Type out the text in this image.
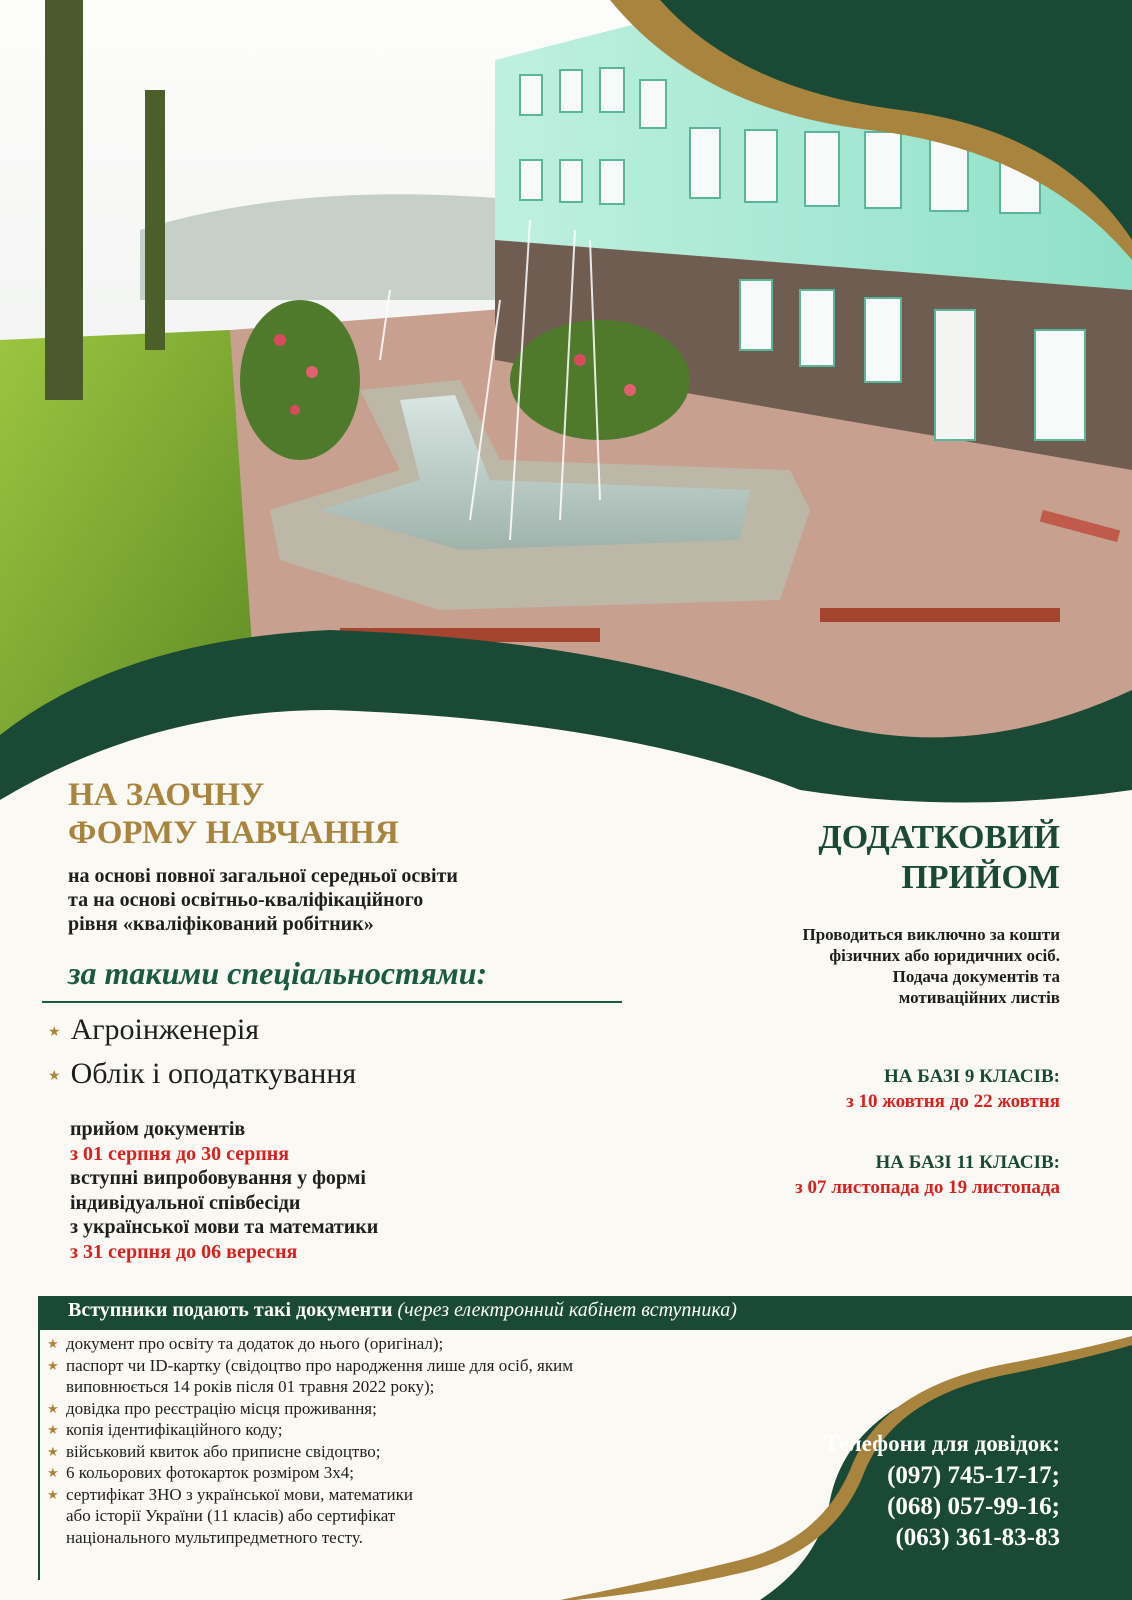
НА ЗАОЧНУ
ФОРМУ НАВЧАННЯ
на основі повної загальної середньої освіти
та на основі освітньо-кваліфікаційного
рівня «кваліфікований робітник»
за такими спеціальностями:
★ Агроінженерія
★ Облік і оподаткування
прийом документів
з 01 серпня до 30 серпня
вступні випробовування у формі
індивідуальної співбесіди
з української мови та математики
з 31 серпня до 06 вересня
ДОДАТКОВИЙ
ПРИЙОМ
Проводиться виключно за кошти
фізичних або юридичних осіб.
Подача документів та
мотиваційних листів
НА БАЗІ 9 КЛАСІВ:
з 10 жовтня до 22 жовтня
НА БАЗІ 11 КЛАСІВ:
з 07 листопада до 19 листопада
Вступники подають такі документи (через електронний кабінет вступника)
★ документ про освіту та додаток до нього (оригінал);
★ паспорт чи ID-картку (свідоцтво про народження лише для осіб, яким
виповнюється 14 років після 01 травня 2022 року);
★ довідка про реєстрацію місця проживання;
★ копія ідентифікаційного коду;
★ військовий квиток або приписне свідоцтво;
★ 6 кольорових фотокарток розміром 3х4;
★ сертифікат ЗНО з української мови, математики
або історії України (11 класів) або сертифікат
національного мультипредметного тесту.
Телефони для довідок:
(097) 745-17-17;
(068) 057-99-16;
(063) 361-83-83
